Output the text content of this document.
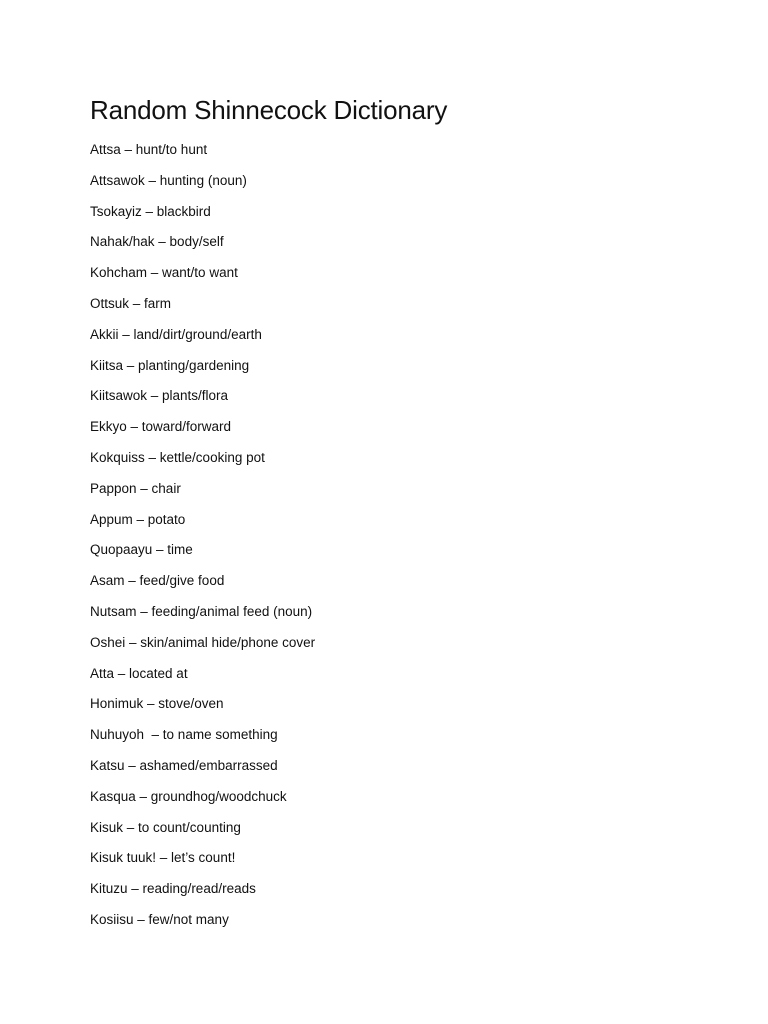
Random Shinnecock Dictionary
Attsa – hunt/to hunt
Attsawok – hunting (noun)
Tsokayiz – blackbird
Nahak/hak – body/self
Kohcham – want/to want
Ottsuk – farm
Akkii – land/dirt/ground/earth
Kiitsa – planting/gardening
Kiitsawok – plants/flora
Ekkyo – toward/forward
Kokquiss – kettle/cooking pot
Pappon – chair
Appum – potato
Quopaayu – time
Asam – feed/give food
Nutsam – feeding/animal feed (noun)
Oshei – skin/animal hide/phone cover
Atta – located at
Honimuk – stove/oven
Nuhuyoh  – to name something
Katsu – ashamed/embarrassed
Kasqua – groundhog/woodchuck
Kisuk – to count/counting
Kisuk tuuk! – let’s count!
Kituzu – reading/read/reads
Kosiisu – few/not many
